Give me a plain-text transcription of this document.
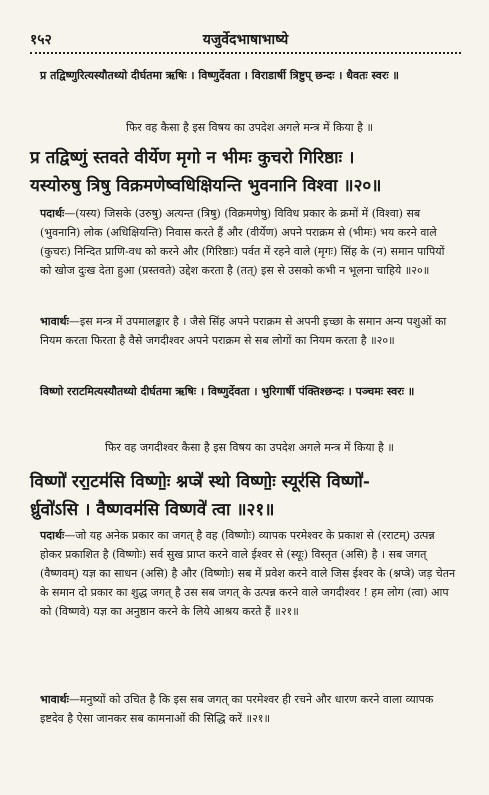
१५२	यजुर्वेदभाषाभाष्ये
प्र तद्विष्णुरित्यस्यौतथ्यो दीर्घतमा ऋषिः । विष्णुर्देवता । विराडार्षी त्रिष्टुप् छन्दः । धैवतः स्वरः ॥
फिर वह कैसा है इस विषय का उपदेश अगले मन्त्र में किया है ॥
प्र तद्विष्णुं स्तवते वीर्येण मृगो न भीमः कुचरो गिरिष्ठाः ।
यस्योरुषु त्रिषु विक्रमणेष्वधिक्षियन्ति भुवनानि विश्वा ॥२०॥
पदार्थः—(यस्य) जिसके (उरुषु) अत्यन्त (त्रिषु) (विक्रमणेषु) विविध प्रकार के क्रमों में (विश्वा) सब (भुवनानि) लोक (अधिक्षियन्ति) निवास करते हैं और (वीर्येण) अपने पराक्रम से (भीमः) भय करने वाले (कुचरः) निन्दित प्राणि-वध को करने और (गिरिष्ठाः) पर्वत में रहने वाले (मृगः) सिंह के (न) समान पापियों को खोज दुःख देता हुआ (प्रस्तवते) उद्देश करता है (तत्) इस से उसको कभी न भूलना चाहिये ॥२०॥
भावार्थः—इस मन्त्र में उपमालङ्कार है । जैसे सिंह अपने पराक्रम से अपनी इच्छा के समान अन्य पशुओं का नियम करता फिरता है वैसे जगदीश्वर अपने पराक्रम से सब लोगों का नियम करता है ॥२०॥
विष्णो रराटमित्यस्यौतथ्यो दीर्घतमा ऋषिः । विष्णुर्देवता । भुरिगार्षी पंक्तिश्छन्दः । पञ्चमः स्वरः ॥
फिर वह जगदीश्वर कैसा है इस विषय का उपदेश अगले मन्त्र में किया है ॥
विष्णो॑ ररा॒टम॑सि विष्णोः॒ श्नप्त्रे॑ स्थो विष्णोः॒ स्यूर॑सि विष्णो॑-
र्ध्रुवो॑ऽसि । वैष्णवम॑सि विष्णवे॑ त्वा ॥२१॥
पदार्थः—जो यह अनेक प्रकार का जगत् है वह (विष्णोः) व्यापक परमेश्वर के प्रकाश से (रराटम्) उत्पन्न होकर प्रकाशित है (विष्णोः) सर्व सुख प्राप्त करने वाले ईश्वर से (स्यूः) विस्तृत (असि) है । सब जगत् (वैष्णवम्) यज्ञ का साधन (असि) है और (विष्णोः) सब में प्रवेश करने वाले जिस ईश्वर के (श्नप्त्रे) जड़ चेतन के समान दो प्रकार का शुद्ध जगत् है उस सब जगत् के उत्पन्न करने वाले जगदीश्वर ! हम लोग (त्वा) आप को (विष्णवे) यज्ञ का अनुष्ठान करने के लिये आश्रय करते हैं ॥२१॥
भावार्थः—मनुष्यों को उचित है कि इस सब जगत् का परमेश्वर ही रचने और धारण करने वाला व्यापक इष्टदेव है ऐसा जानकर सब कामनाओं की सिद्धि करें ॥२१॥
